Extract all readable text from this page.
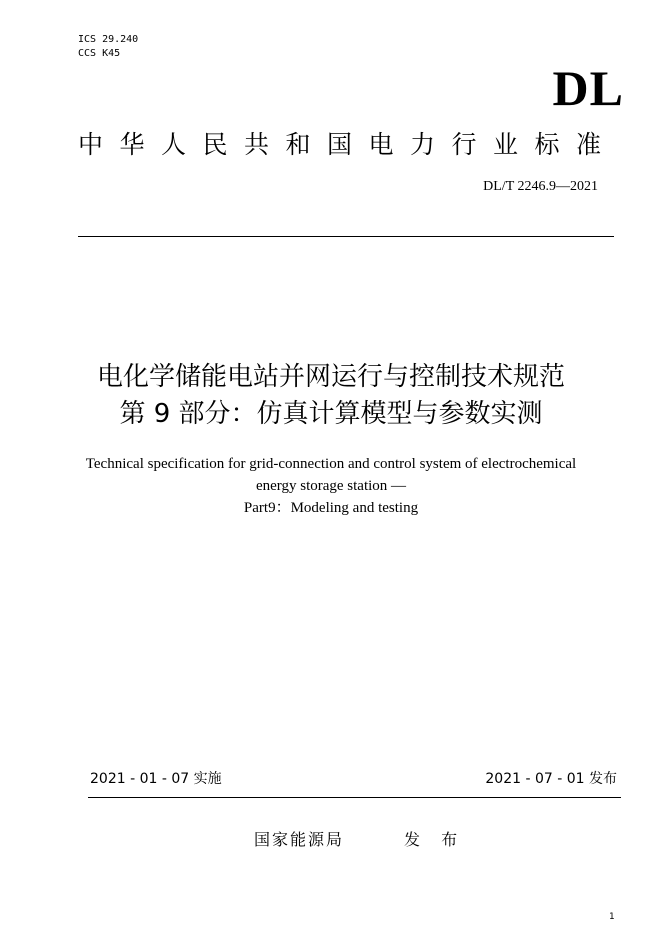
ICS 29.240
CCS K45
DL
中华人民共和国电力行业标准
DL/T 2246.9—2021
电化学储能电站并网运行与控制技术规范
第 9 部分：仿真计算模型与参数实测
Technical specification for grid-connection and control system of electrochemical
energy storage station —
Part9：Modeling and testing
2021 - 01 - 07 实施	2021 - 07 - 01 发布
国家能源局	发 布
1
